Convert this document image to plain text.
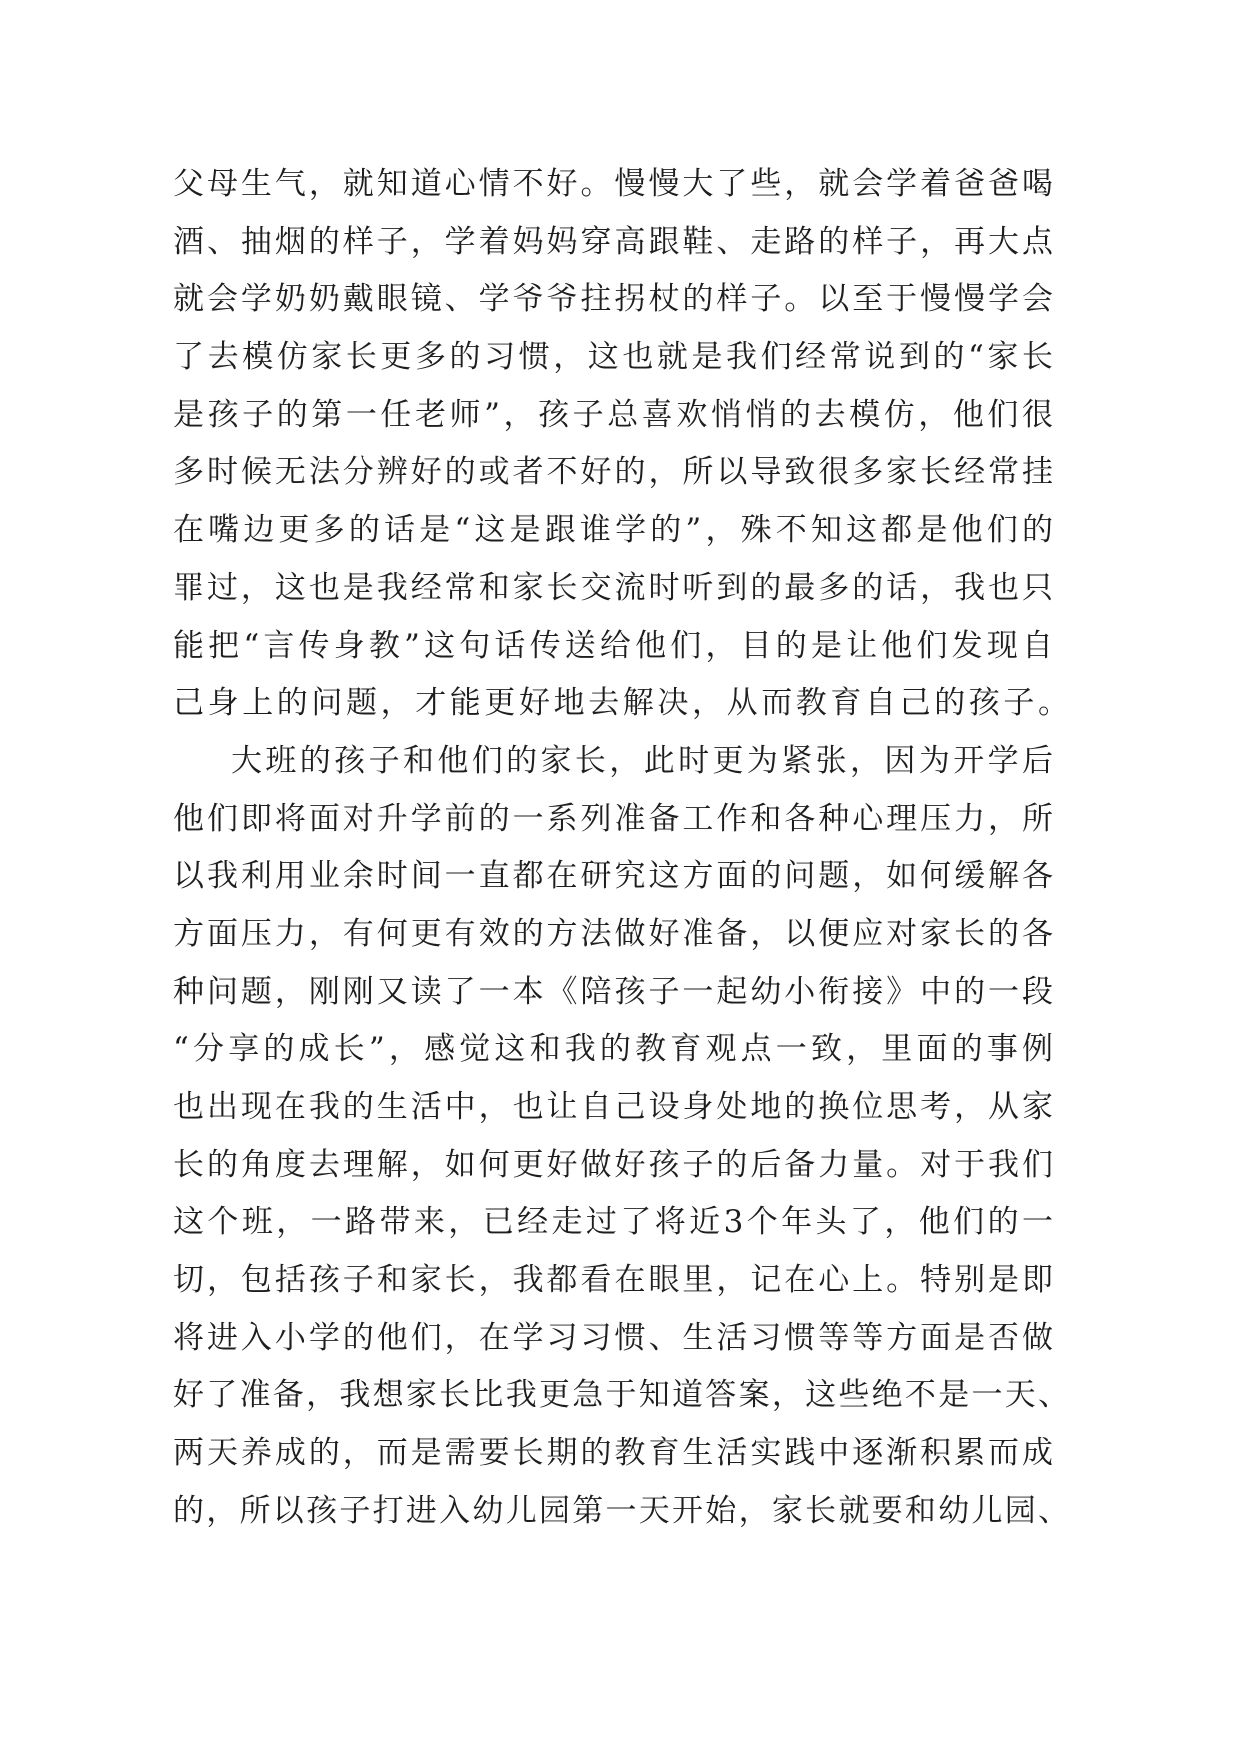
父母生气，就知道心情不好。慢慢大了些，就会学着爸爸喝
酒、抽烟的样子，学着妈妈穿高跟鞋、走路的样子，再大点
就会学奶奶戴眼镜、学爷爷拄拐杖的样子。以至于慢慢学会
了去模仿家长更多的习惯，这也就是我们经常说到的“家长
是孩子的第一任老师”，孩子总喜欢悄悄的去模仿，他们很
多时候无法分辨好的或者不好的，所以导致很多家长经常挂
在嘴边更多的话是“这是跟谁学的”，殊不知这都是他们的
罪过，这也是我经常和家长交流时听到的最多的话，我也只
能把“言传身教”这句话传送给他们，目的是让他们发现自
己身上的问题，才能更好地去解决，从而教育自己的孩子。
大班的孩子和他们的家长，此时更为紧张，因为开学后
他们即将面对升学前的一系列准备工作和各种心理压力，所
以我利用业余时间一直都在研究这方面的问题，如何缓解各
方面压力，有何更有效的方法做好准备，以便应对家长的各
种问题，刚刚又读了一本《陪孩子一起幼小衔接》中的一段
“分享的成长”，感觉这和我的教育观点一致，里面的事例
也出现在我的生活中，也让自己设身处地的换位思考，从家
长的角度去理解，如何更好做好孩子的后备力量。对于我们
这个班，一路带来，已经走过了将近3个年头了，他们的一
切，包括孩子和家长，我都看在眼里，记在心上。特别是即
将进入小学的他们，在学习习惯、生活习惯等等方面是否做
好了准备，我想家长比我更急于知道答案，这些绝不是一天、
两天养成的，而是需要长期的教育生活实践中逐渐积累而成
的，所以孩子打进入幼儿园第一天开始，家长就要和幼儿园、
